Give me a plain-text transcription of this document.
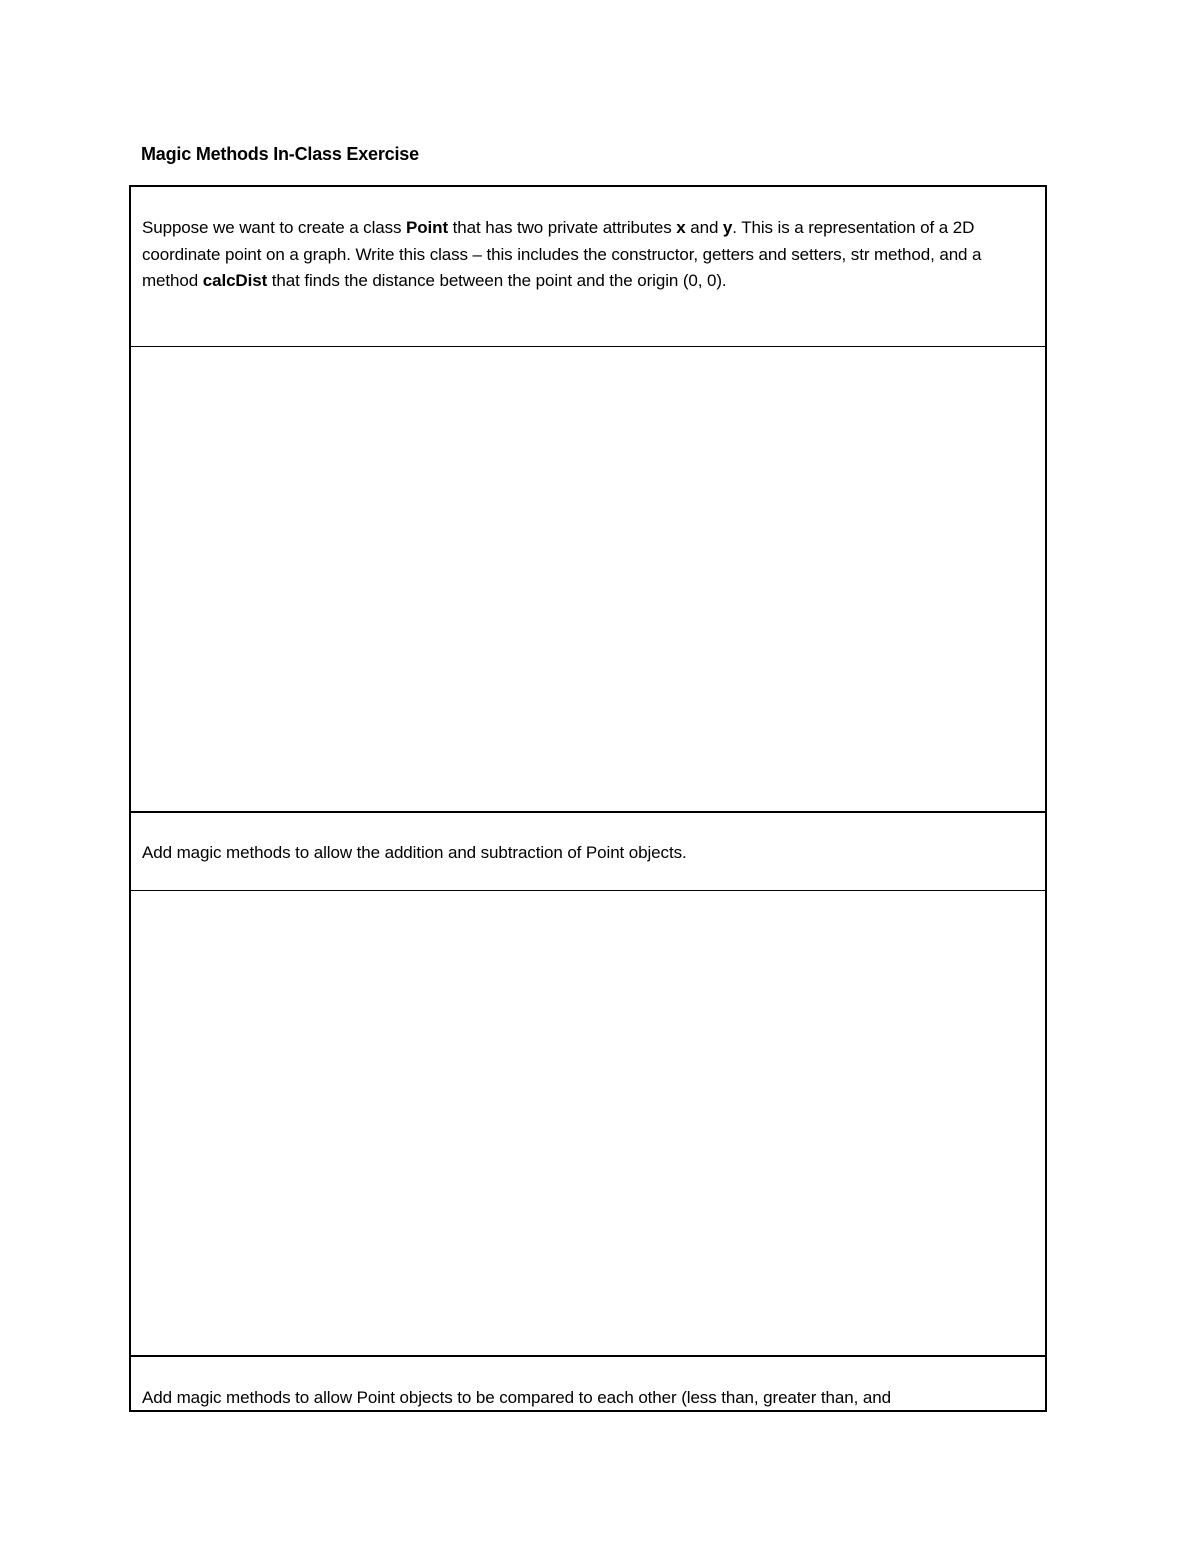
Magic Methods In-Class Exercise
Suppose we want to create a class Point that has two private attributes x and y. This is a representation of a 2D coordinate point on a graph. Write this class – this includes the constructor, getters and setters, str method, and a method calcDist that finds the distance between the point and the origin (0, 0).
Add magic methods to allow the addition and subtraction of Point objects.
Add magic methods to allow Point objects to be compared to each other (less than, greater than, and
